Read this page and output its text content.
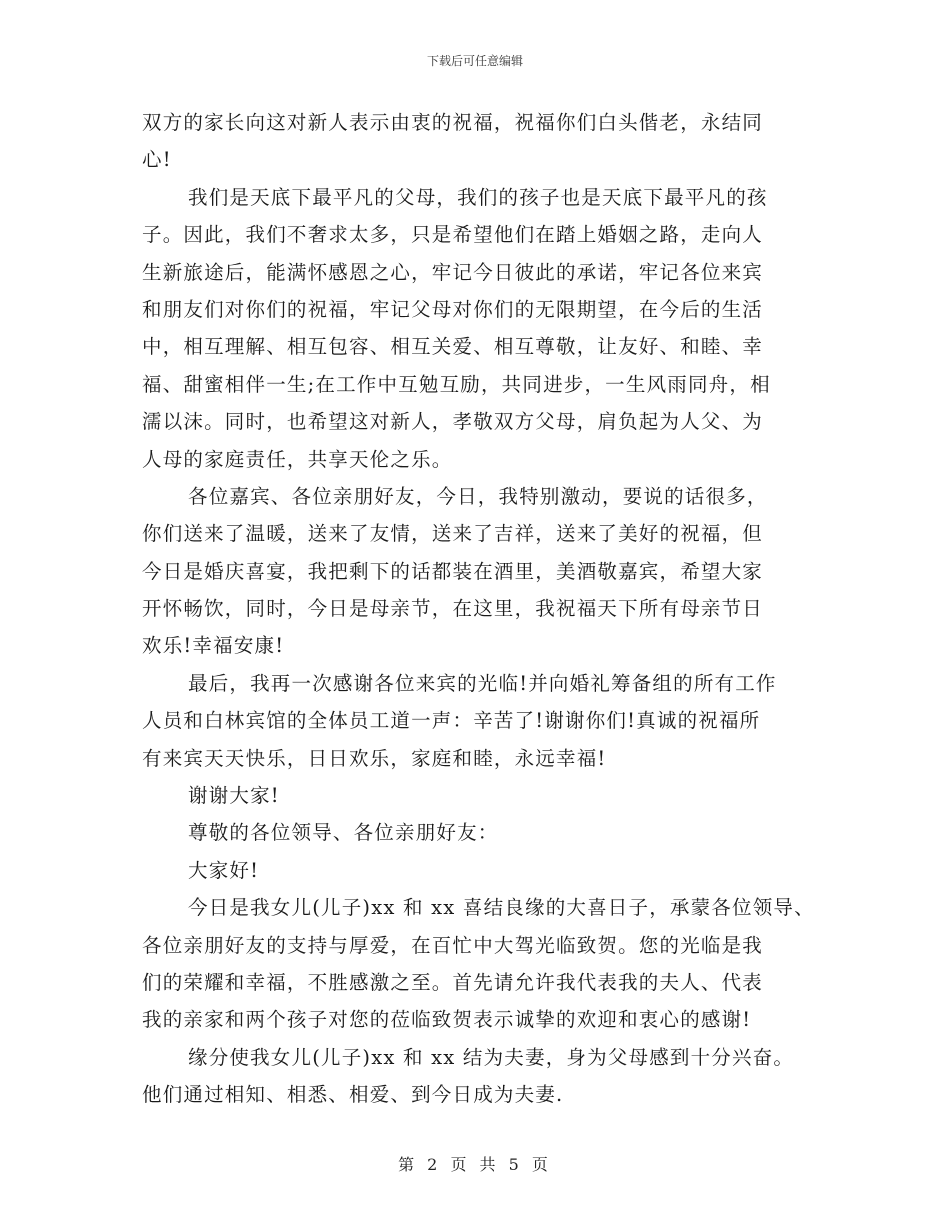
下载后可任意编辑
双方的家长向这对新人表示由衷的祝福，祝福你们白头偕老，永结同
心!
我们是天底下最平凡的父母，我们的孩子也是天底下最平凡的孩
子。因此，我们不奢求太多，只是希望他们在踏上婚姻之路，走向人
生新旅途后，能满怀感恩之心，牢记今日彼此的承诺，牢记各位来宾
和朋友们对你们的祝福，牢记父母对你们的无限期望，在今后的生活
中，相互理解、相互包容、相互关爱、相互尊敬，让友好、和睦、幸
福、甜蜜相伴一生;在工作中互勉互励，共同进步，一生风雨同舟，相
濡以沫。同时，也希望这对新人，孝敬双方父母，肩负起为人父、为
人母的家庭责任，共享天伦之乐。
各位嘉宾、各位亲朋好友，今日，我特别激动，要说的话很多，
你们送来了温暖，送来了友情，送来了吉祥，送来了美好的祝福，但
今日是婚庆喜宴，我把剩下的话都装在酒里，美酒敬嘉宾，希望大家
开怀畅饮，同时，今日是母亲节，在这里，我祝福天下所有母亲节日
欢乐!幸福安康!
最后，我再一次感谢各位来宾的光临!并向婚礼筹备组的所有工作
人员和白林宾馆的全体员工道一声：辛苦了!谢谢你们!真诚的祝福所
有来宾天天快乐，日日欢乐，家庭和睦，永远幸福!
谢谢大家!
尊敬的各位领导、各位亲朋好友：
大家好!
今日是我女儿(儿子)xx 和 xx 喜结良缘的大喜日子，承蒙各位领导、
各位亲朋好友的支持与厚爱，在百忙中大驾光临致贺。您的光临是我
们的荣耀和幸福，不胜感激之至。首先请允许我代表我的夫人、代表
我的亲家和两个孩子对您的莅临致贺表示诚挚的欢迎和衷心的感谢!
缘分使我女儿(儿子)xx 和 xx 结为夫妻，身为父母感到十分兴奋。
他们通过相知、相悉、相爱、到今日成为夫妻.
第 2 页 共 5 页
